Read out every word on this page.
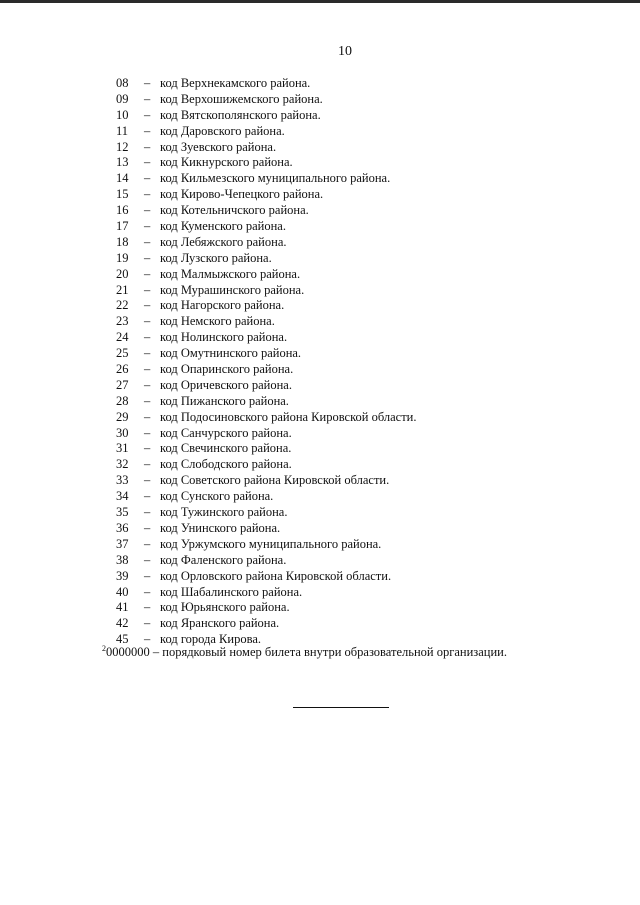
10
08	– код Верхнекамского района.
09	– код Верхошижемского района.
10	– код Вятскополянского района.
11	– код Даровского района.
12	– код Зуевского района.
13	– код Кикнурского района.
14	– код Кильмезского муниципального района.
15	– код Кирово-Чепецкого района.
16	– код Котельничского района.
17	– код Куменского района.
18	– код Лебяжского района.
19	– код Лузского района.
20	– код Малмыжского района.
21	– код Мурашинского района.
22	– код Нагорского района.
23	– код Немского района.
24	– код Нолинского района.
25	– код Омутнинского района.
26	– код Опаринского района.
27	– код Оричевского района.
28	– код Пижанского района.
29	– код Подосиновского района Кировской области.
30	– код Санчурского района.
31	– код Свечинского района.
32	– код Слободского района.
33	– код Советского района Кировской области.
34	– код Сунского района.
35	– код Тужинского района.
36	– код Унинского района.
37	– код Уржумского муниципального района.
38	– код Фаленского района.
39	– код Орловского района Кировской области.
40	– код Шабалинского района.
41	– код Юрьянского района.
42	– код Яранского района.
45	– код города Кирова.
$^2$0000000 – порядковый номер билета внутри образовательной организации.
